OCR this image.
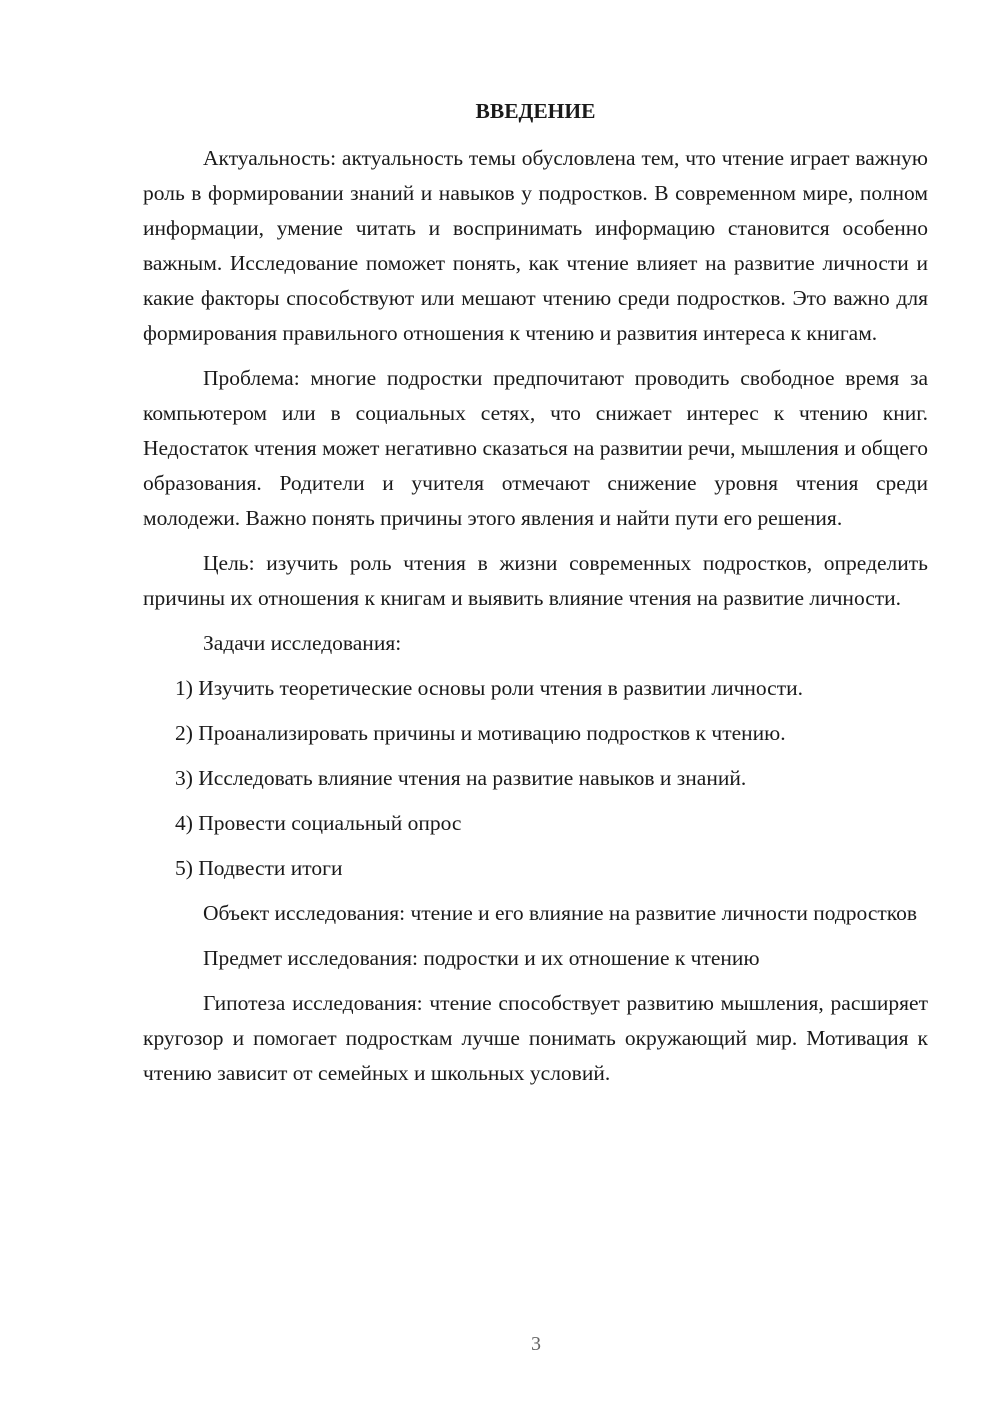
ВВЕДЕНИЕ

Актуальность: актуальность темы обусловлена тем, что чтение играет важную роль в формировании знаний и навыков у подростков. В современном мире, полном информации, умение читать и воспринимать информацию становится особенно важным. Исследование поможет понять, как чтение влияет на развитие личности и какие факторы способствуют или мешают чтению среди подростков. Это важно для формирования правильного отношения к чтению и развития интереса к книгам.

Проблема: многие подростки предпочитают проводить свободное время за компьютером или в социальных сетях, что снижает интерес к чтению книг. Недостаток чтения может негативно сказаться на развитии речи, мышления и общего образования. Родители и учителя отмечают снижение уровня чтения среди молодежи. Важно понять причины этого явления и найти пути его решения.

Цель: изучить роль чтения в жизни современных подростков, определить причины их отношения к книгам и выявить влияние чтения на развитие личности.

Задачи исследования:

1) Изучить теоретические основы роли чтения в развитии личности.

2) Проанализировать причины и мотивацию подростков к чтению.

3) Исследовать влияние чтения на развитие навыков и знаний.

4) Провести социальный опрос

5) Подвести итоги

Объект исследования: чтение и его влияние на развитие личности подростков

Предмет исследования: подростки и их отношение к чтению

Гипотеза исследования: чтение способствует развитию мышления, расширяет кругозор и помогает подросткам лучше понимать окружающий мир. Мотивация к чтению зависит от семейных и школьных условий.

3
